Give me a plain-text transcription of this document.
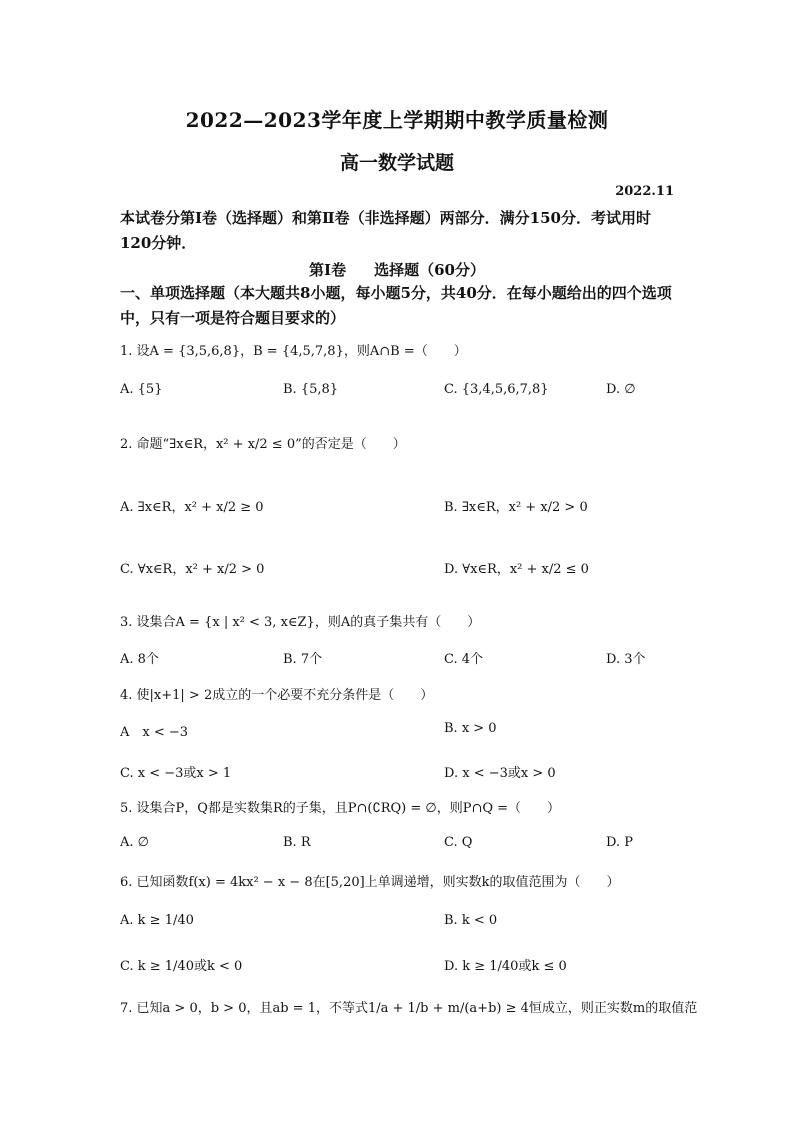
2022—2023学年度上学期期中教学质量检测
高一数学试题
2022.11
本试卷分第Ⅰ卷（选择题）和第Ⅱ卷（非选择题）两部分．满分150分．考试用时120分钟．
第Ⅰ卷 选择题（60分）
一、单项选择题（本大题共8小题，每小题5分，共40分．在每小题给出的四个选项中，只有一项是符合题目要求的）
1. 设A = {3,5,6,8}，B = {4,5,7,8}，则A∩B =（　　）
A. {5}	B. {5,8}	C. {3,4,5,6,7,8}	D. ∅
2. 命题“∃x∈R，x² + x/2 ≤ 0”的否定是（　　）
A. ∃x∈R，x² + x/2 ≥ 0	B. ∃x∈R，x² + x/2 > 0
C. ∀x∈R，x² + x/2 > 0	D. ∀x∈R，x² + x/2 ≤ 0
3. 设集合A = {x | x² < 3, x∈Z}，则A的真子集共有（　　）
A. 8个	B. 7个	C. 4个	D. 3个
4. 使|x+1| > 2成立的一个必要不充分条件是（　　）
A　x < −3	B. x > 0
C. x < −3或x > 1	D. x < −3或x > 0
5. 设集合P，Q都是实数集R的子集，且P∩(∁RQ) = ∅，则P∩Q =（　　）
A. ∅	B. R	C. Q	D. P
6. 已知函数f(x) = 4kx² − x − 8在[5,20]上单调递增，则实数k的取值范围为（　　）
A. k ≥ 1/40	B. k < 0
C. k ≥ 1/40或k < 0	D. k ≥ 1/40或k ≤ 0
7. 已知a > 0，b > 0，且ab = 1，不等式1/a + 1/b + m/(a+b) ≥ 4恒成立，则正实数m的取值范
